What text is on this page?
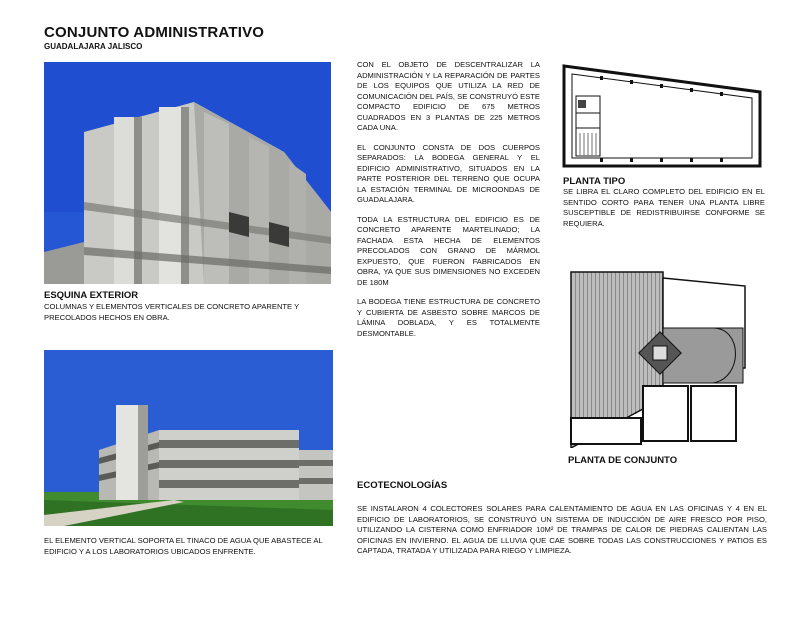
CONJUNTO ADMINISTRATIVO
GUADALAJARA JALISCO
ESQUINA EXTERIOR
COLUMNAS Y ELEMENTOS VERTICALES DE CONCRETO APARENTE Y PRECOLADOS HECHOS EN OBRA.
EL ELEMENTO VERTICAL SOPORTA EL TINACO DE AGUA QUE ABASTECE AL EDIFICIO Y A LOS LABORATORIOS UBICADOS ENFRENTE.

CON EL OBJETO DE DESCENTRALIZAR LA ADMINISTRACIÓN Y LA REPARACIÓN DE PARTES DE LOS EQUIPOS QUE UTILIZA LA RED DE COMUNICACIÓN DEL PAÍS, SE CONSTRUYÓ ESTE COMPACTO EDIFICIO DE 675 METROS CUADRADOS EN 3 PLANTAS DE 225 METROS CADA UNA.

EL CONJUNTO CONSTA DE DOS CUERPOS SEPARADOS: LA BODEGA GENERAL Y EL EDIFICIO ADMINISTRATIVO, SITUADOS EN LA PARTE POSTERIOR DEL TERRENO QUE OCUPA LA ESTACIÓN TERMINAL DE MICROONDAS DE GUADALAJARA.

TODA LA ESTRUCTURA DEL EDIFICIO ES DE CONCRETO APARENTE MARTELINADO; LA FACHADA ESTA HECHA DE ELEMENTOS PRECOLADOS CON GRANO DE MÁRMOL EXPUESTO, QUE FUERON FABRICADOS EN OBRA, YA QUE SUS DIMENSIONES NO EXCEDEN DE 180M

LA BODEGA TIENE ESTRUCTURA DE CONCRETO Y CUBIERTA DE ASBESTO SOBRE MARCOS DE LÁMINA DOBLADA, Y ES TOTALMENTE DESMONTABLE.

PLANTA TIPO
SE LIBRA EL CLARO COMPLETO DEL EDIFICIO EN EL SENTIDO CORTO PARA TENER UNA PLANTA LIBRE SUSCEPTIBLE DE REDISTRIBUIRSE CONFORME SE REQUIERA.
PLANTA DE CONJUNTO
ECOTECNOLOGÍAS
SE INSTALARON 4 COLECTORES SOLARES PARA CALENTAMIENTO DE AGUA EN LAS OFICINAS Y 4 EN EL EDIFICIO DE LABORATORIOS, SE CONSTRUYÓ UN SISTEMA DE INDUCCIÓN DE AIRE FRESCO POR PISO, UTILIZANDO LA CISTERNA COMO ENFRIADOR 10M² DE TRAMPAS DE CALOR DE PIEDRAS CALIENTAN LAS OFICINAS EN INVIERNO. EL AGUA DE LLUVIA QUE CAE SOBRE TODAS LAS CONSTRUCCIONES Y PATIOS ES CAPTADA, TRATADA Y UTILIZADA PARA RIEGO Y LIMPIEZA.
